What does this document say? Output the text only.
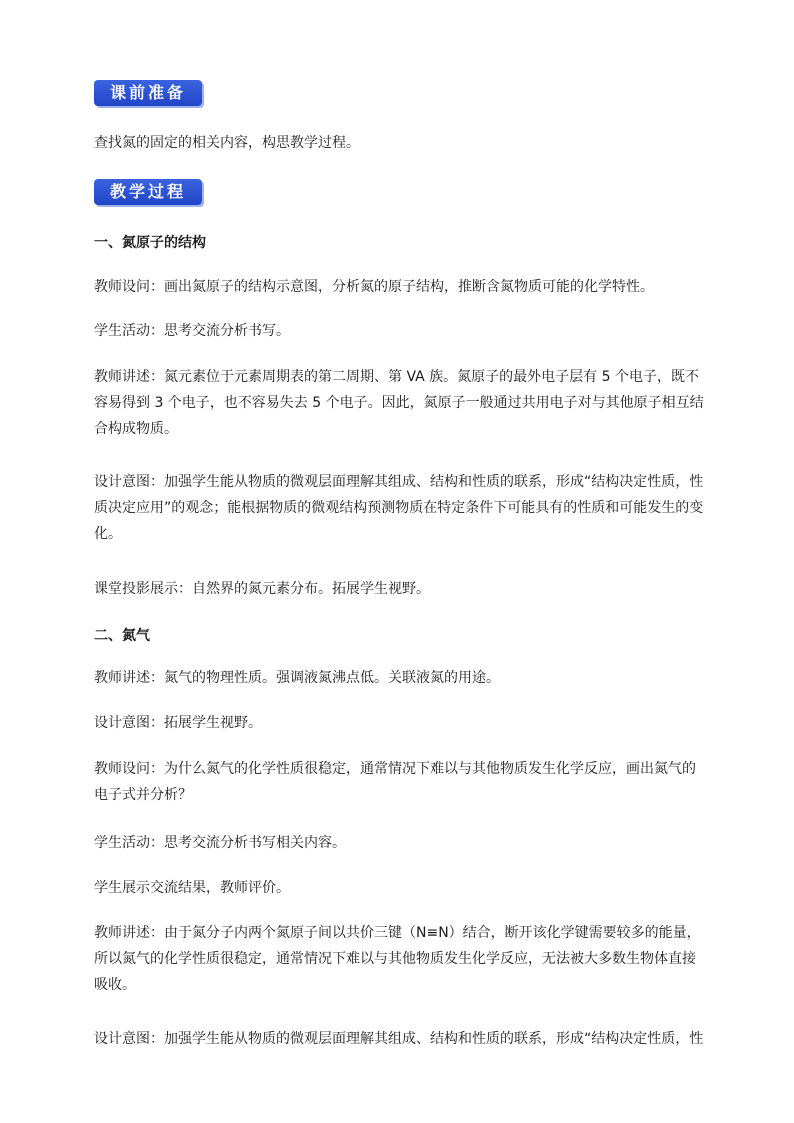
课前准备

查找氮的固定的相关内容，构思教学过程。

教学过程

一、氮原子的结构

教师设问：画出氮原子的结构示意图，分析氮的原子结构，推断含氮物质可能的化学特性。

学生活动：思考交流分析书写。

教师讲述：氮元素位于元素周期表的第二周期、第 VA 族。氮原子的最外电子层有 5 个电子，既不容易得到 3 个电子，也不容易失去 5 个电子。因此，氮原子一般通过共用电子对与其他原子相互结合构成物质。

设计意图：加强学生能从物质的微观层面理解其组成、结构和性质的联系，形成“结构决定性质，性质决定应用”的观念；能根据物质的微观结构预测物质在特定条件下可能具有的性质和可能发生的变化。

课堂投影展示：自然界的氮元素分布。拓展学生视野。

二、氮气

教师讲述：氮气的物理性质。强调液氮沸点低。关联液氮的用途。

设计意图：拓展学生视野。

教师设问：为什么氮气的化学性质很稳定，通常情况下难以与其他物质发生化学反应，画出氮气的电子式并分析？

学生活动：思考交流分析书写相关内容。

学生展示交流结果，教师评价。

教师讲述：由于氮分子内两个氮原子间以共价三键（N≡N）结合，断开该化学键需要较多的能量，所以氮气的化学性质很稳定，通常情况下难以与其他物质发生化学反应，无法被大多数生物体直接吸收。

设计意图：加强学生能从物质的微观层面理解其组成、结构和性质的联系，形成“结构决定性质，性
